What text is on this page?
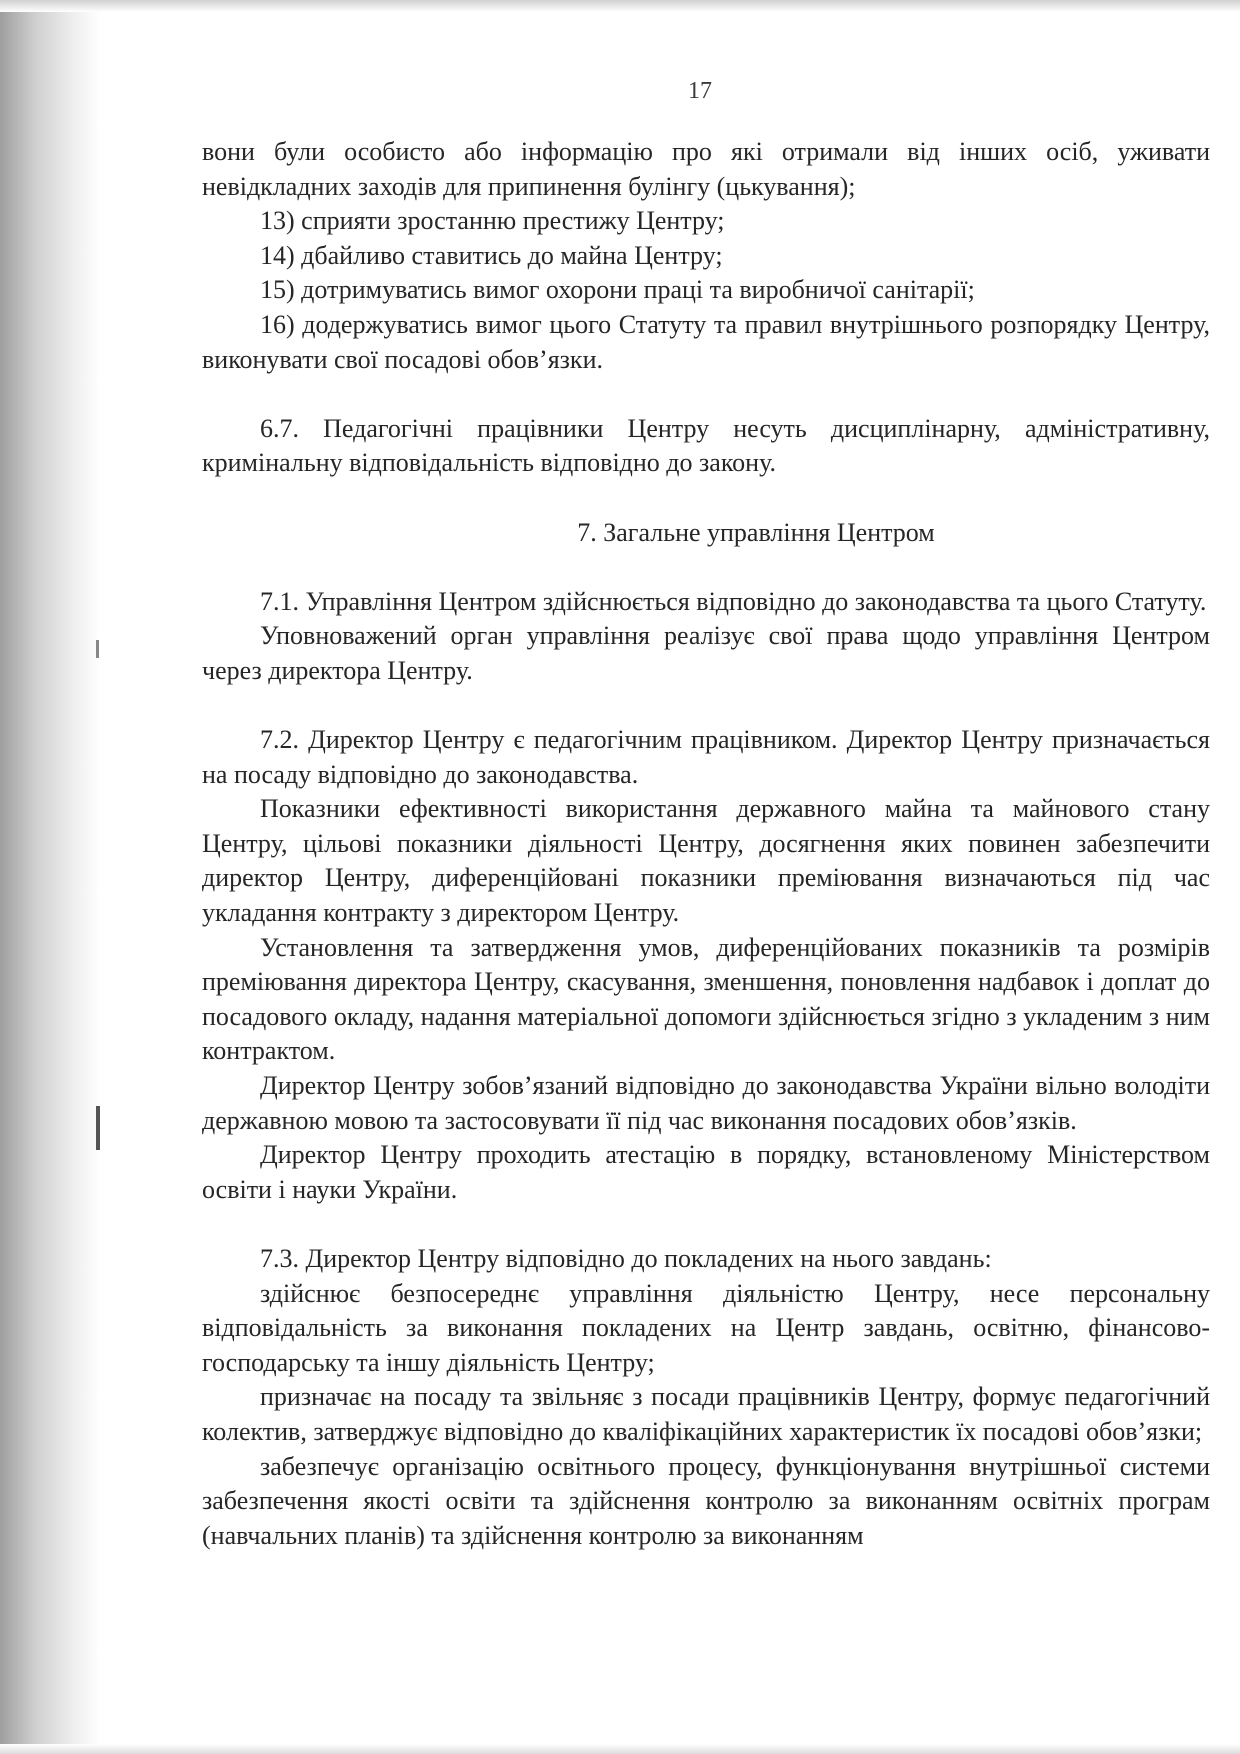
17

вони були особисто або інформацію про які отримали від інших осіб, уживати невідкладних заходів для припинення булінгу (цькування);

13) сприяти зростанню престижу Центру;

14) дбайливо ставитись до майна Центру;

15) дотримуватись вимог охорони праці та виробничої санітарії;

16) додержуватись вимог цього Статуту та правил внутрішнього розпорядку Центру, виконувати свої посадові обов’язки.

6.7. Педагогічні працівники Центру несуть дисциплінарну, адміністративну, кримінальну відповідальність відповідно до закону.

7. Загальне управління Центром

7.1. Управління Центром здійснюється відповідно до законодавства та цього Статуту.

Уповноважений орган управління реалізує свої права щодо управління Центром через директора Центру.

7.2. Директор Центру є педагогічним працівником. Директор Центру призначається на посаду відповідно до законодавства.

Показники ефективності використання державного майна та майнового стану Центру, цільові показники діяльності Центру, досягнення яких повинен забезпечити директор Центру, диференційовані показники преміювання визначаються під час укладання контракту з директором Центру.

Установлення та затвердження умов, диференційованих показників та розмірів преміювання директора Центру, скасування, зменшення, поновлення надбавок і доплат до посадового окладу, надання матеріальної допомоги здійснюється згідно з укладеним з ним контрактом.

Директор Центру зобов’язаний відповідно до законодавства України вільно володіти державною мовою та застосовувати її під час виконання посадових обов’язків.

Директор Центру проходить атестацію в порядку, встановленому Міністерством освіти і науки України.

7.3. Директор Центру відповідно до покладених на нього завдань:

здійснює безпосереднє управління діяльністю Центру, несе персональну відповідальність за виконання покладених на Центр завдань, освітню, фінансово-господарську та іншу діяльність Центру;

призначає на посаду та звільняє з посади працівників Центру, формує педагогічний колектив, затверджує відповідно до кваліфікаційних характеристик їх посадові обов’язки;

забезпечує організацію освітнього процесу, функціонування внутрішньої системи забезпечення якості освіти та здійснення контролю за виконанням освітніх програм (навчальних планів) та здійснення контролю за виконанням
